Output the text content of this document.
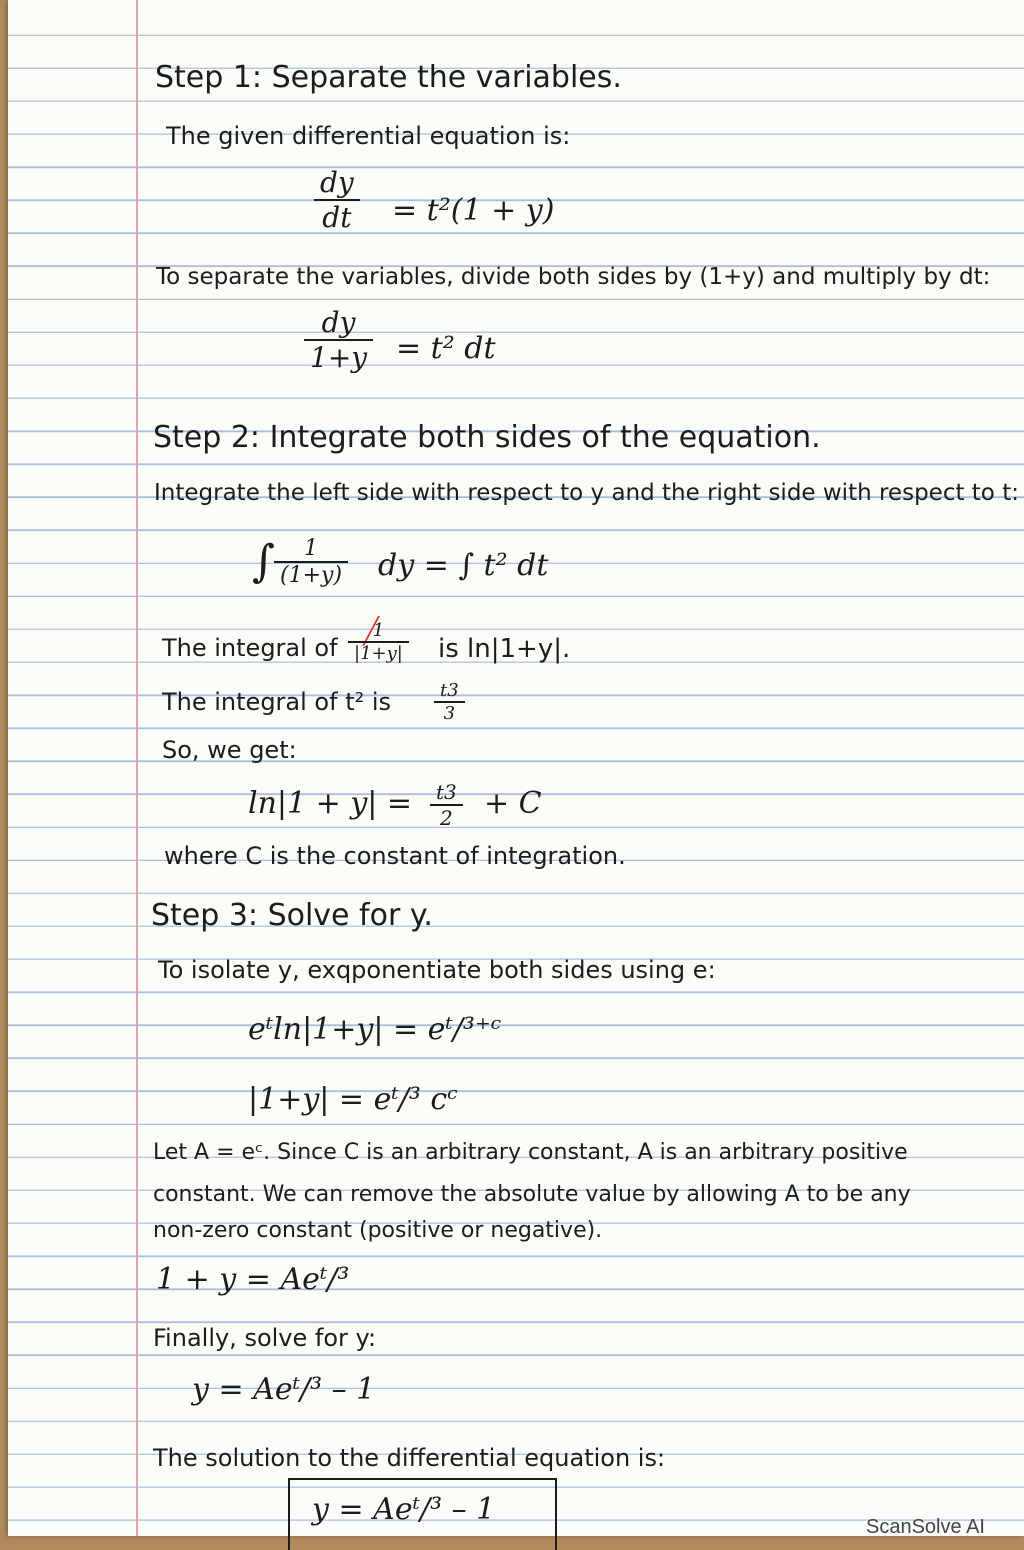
Step 1: Separate the variables.
The given differential equation is:
$\frac{dy}{dt} = t^2(1 + y)$
To separate the variables, divide both sides by (1+y) and multiply by dt:
$\frac{dy}{1+y} = t^2$ dt
Step 2: Integrate both sides of the equation.
Integrate the left side with respect to y and the right side with respect to t:
∫ $\frac{1}{(1+y)}$ dy = ∫ t² dt
The integral of $\frac{1}{|1+y|}$ is ln|1+y|.
The integral of t² is $\frac{t3}{3}$
So, we get:
$\ln|1 + y| = \frac{t3}{2} + C$
where C is the constant of integration.
Step 3: Solve for y.
To isolate y, exqponentiate both sides using e:
eᵗln|1+y| = eᵗ/³⁺ᶜ
|1+y| = eᵗ/³ cᶜ
Let A = eᶜ. Since C is an arbitrary constant, A is an arbitrary positive
constant. We can remove the absolute value by allowing A to be any
non-zero constant (positive or negative).
1 + y = Aeᵗ/³
Finally, solve for y:
y = Aeᵗ/³ – 1
The solution to the differential equation is:
y = Aeᵗ/³ – 1	ScanSolve AI
